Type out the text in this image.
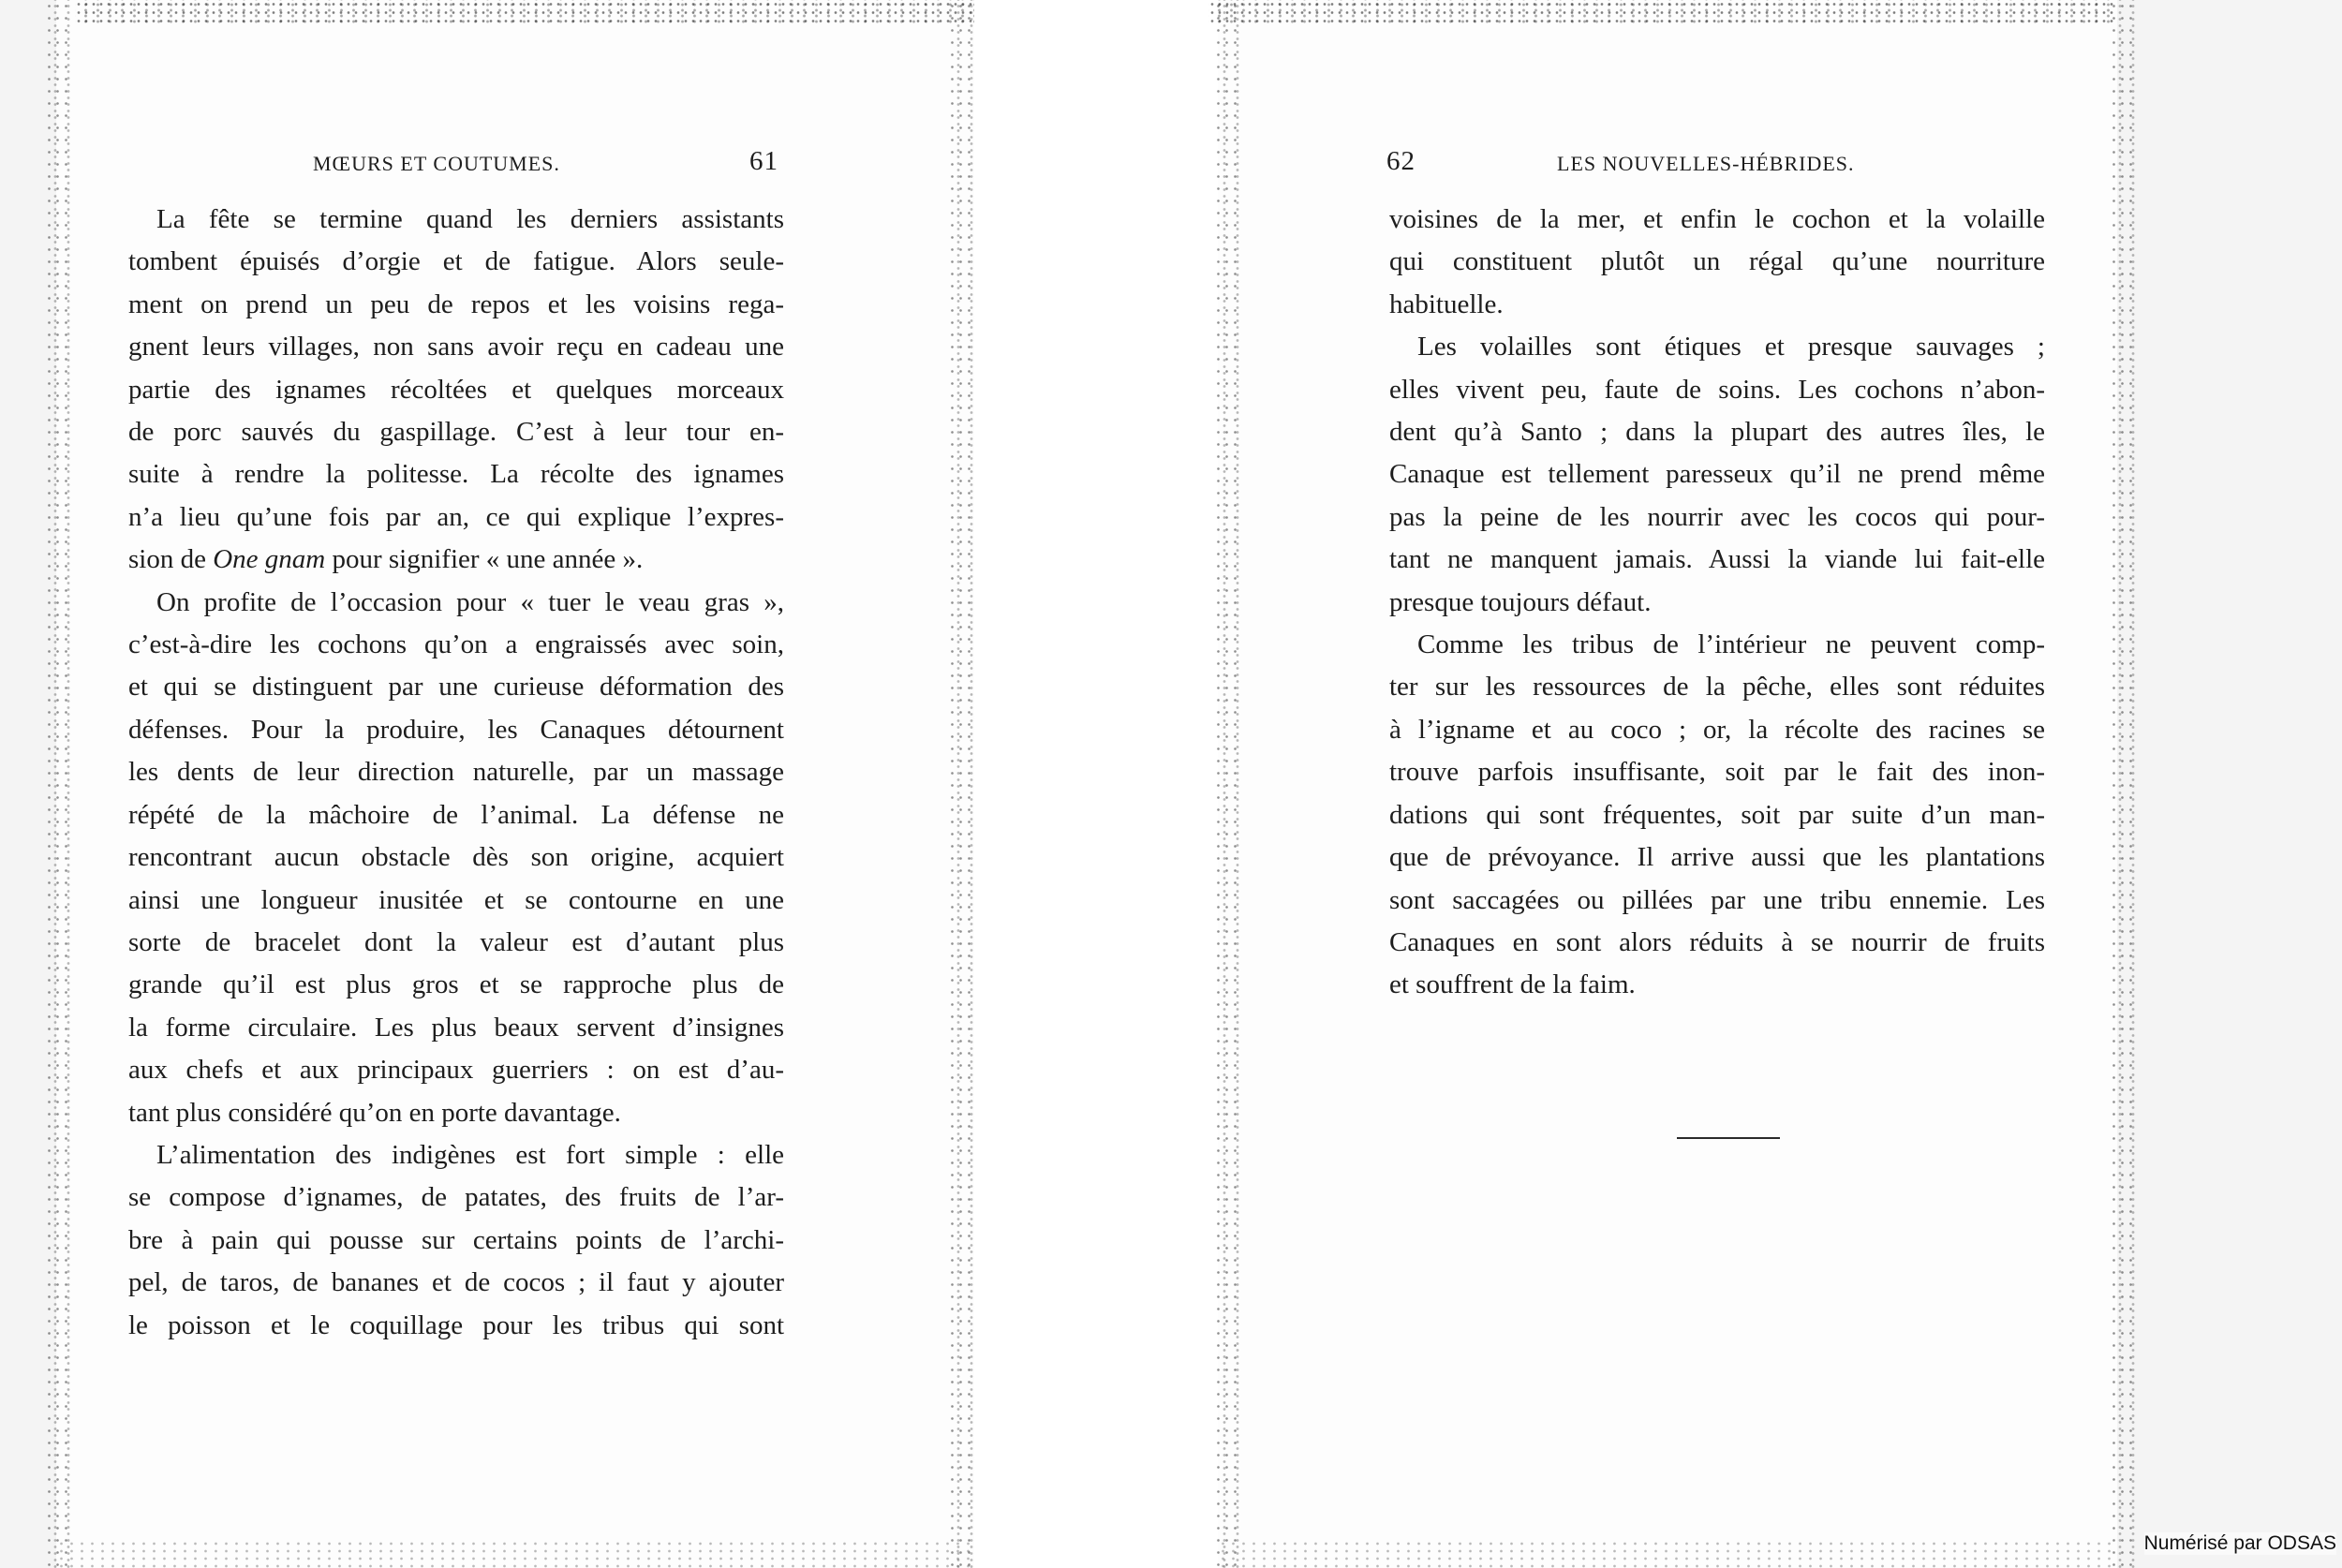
MŒURS ET COUTUMES.	61	62	LES NOUVELLES-HÉBRIDES.
La fête se termine quand les derniers assistants
tombent épuisés d’orgie et de fatigue. Alors seule-
ment on prend un peu de repos et les voisins rega-
gnent leurs villages, non sans avoir reçu en cadeau une
partie des ignames récoltées et quelques morceaux
de porc sauvés du gaspillage. C’est à leur tour en-
suite à rendre la politesse. La récolte des ignames
n’a lieu qu’une fois par an, ce qui explique l’expres-
sion de One gnam pour signifier « une année ».
On profite de l’occasion pour « tuer le veau gras »,
c’est-à-dire les cochons qu’on a engraissés avec soin,
et qui se distinguent par une curieuse déformation des
défenses. Pour la produire, les Canaques détournent
les dents de leur direction naturelle, par un massage
répété de la mâchoire de l’animal. La défense ne
rencontrant aucun obstacle dès son origine, acquiert
ainsi une longueur inusitée et se contourne en une
sorte de bracelet dont la valeur est d’autant plus
grande qu’il est plus gros et se rapproche plus de
la forme circulaire. Les plus beaux servent d’insignes
aux chefs et aux principaux guerriers : on est d’au-
tant plus considéré qu’on en porte davantage.
L’alimentation des indigènes est fort simple : elle
se compose d’ignames, de patates, des fruits de l’ar-
bre à pain qui pousse sur certains points de l’archi-
pel, de taros, de bananes et de cocos ; il faut y ajouter
le poisson et le coquillage pour les tribus qui sont
voisines de la mer, et enfin le cochon et la volaille
qui constituent plutôt un régal qu’une nourriture
habituelle.
Les volailles sont étiques et presque sauvages ;
elles vivent peu, faute de soins. Les cochons n’abon-
dent qu’à Santo ; dans la plupart des autres îles, le
Canaque est tellement paresseux qu’il ne prend même
pas la peine de les nourrir avec les cocos qui pour-
tant ne manquent jamais. Aussi la viande lui fait-elle
presque toujours défaut.
Comme les tribus de l’intérieur ne peuvent comp-
ter sur les ressources de la pêche, elles sont réduites
à l’igname et au coco ; or, la récolte des racines se
trouve parfois insuffisante, soit par le fait des inon-
dations qui sont fréquentes, soit par suite d’un man-
que de prévoyance. Il arrive aussi que les plantations
sont saccagées ou pillées par une tribu ennemie. Les
Canaques en sont alors réduits à se nourrir de fruits
et souffrent de la faim.
Numérisé par ODSAS
